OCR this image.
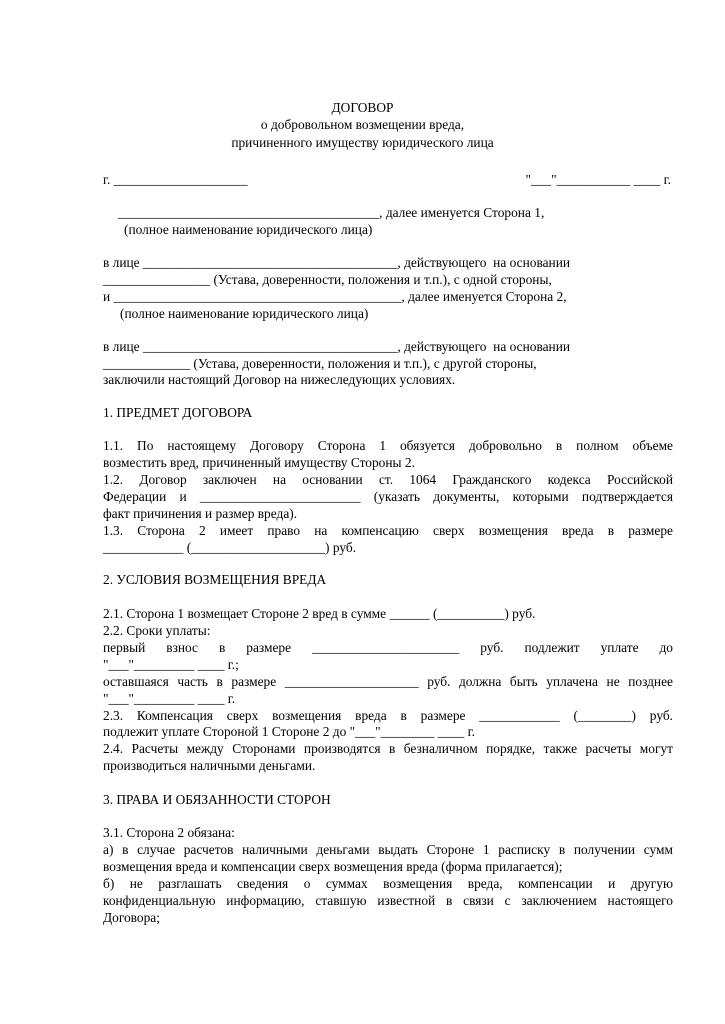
ДОГОВОР

о добровольном возмещении вреда,

причиненного имуществу юридического лица

г. ____________________	"___"___________ ____ г.

_______________________________________, далее именуется Сторона 1,

(полное наименование юридического лица)

в лице ______________________________________, действующего  на основании

________________ (Устава, доверенности, положения и т.п.), с одной стороны,

и ___________________________________________, далее именуется Сторона 2,

(полное наименование юридического лица)

в лице ______________________________________, действующего  на основании

_____________ (Устава, доверенности, положения и т.п.), с другой стороны,

заключили настоящий Договор на нижеследующих условиях.

1. ПРЕДМЕТ ДОГОВОРА

1.1. По настоящему Договору Сторона 1 обязуется добровольно в полном объеме

возместить вред, причиненный имуществу Стороны 2.

1.2. Договор заключен на основании ст. 1064 Гражданского кодекса Российской

Федерации и ________________________ (указать документы, которыми подтверждается

факт причинения и размер вреда).

1.3. Сторона 2 имеет право на компенсацию сверх возмещения вреда в размере

____________ (____________________) руб.

2. УСЛОВИЯ ВОЗМЕЩЕНИЯ ВРЕДА

2.1. Сторона 1 возмещает Стороне 2 вред в сумме ______ (__________) руб.

2.2. Сроки уплаты:

первый взнос в размере ______________________ руб. подлежит уплате до

"___"_________ ____ г.;

оставшаяся часть в размере ____________________ руб. должна быть уплачена не позднее

"___"_________ ____ г.

2.3. Компенсация сверх возмещения вреда в размере ____________ (________) руб.

подлежит уплате Стороной 1 Стороне 2 до "___"________ ____ г.

2.4. Расчеты между Сторонами производятся в безналичном порядке, также расчеты могут

производиться наличными деньгами.

3. ПРАВА И ОБЯЗАННОСТИ СТОРОН

3.1. Сторона 2 обязана:

а) в случае расчетов наличными деньгами выдать Стороне 1 расписку в получении сумм

возмещения вреда и компенсации сверх возмещения вреда (форма прилагается);

б) не разглашать сведения о суммах возмещения вреда, компенсации и другую

конфиденциальную информацию, ставшую известной в связи с заключением настоящего

Договора;
